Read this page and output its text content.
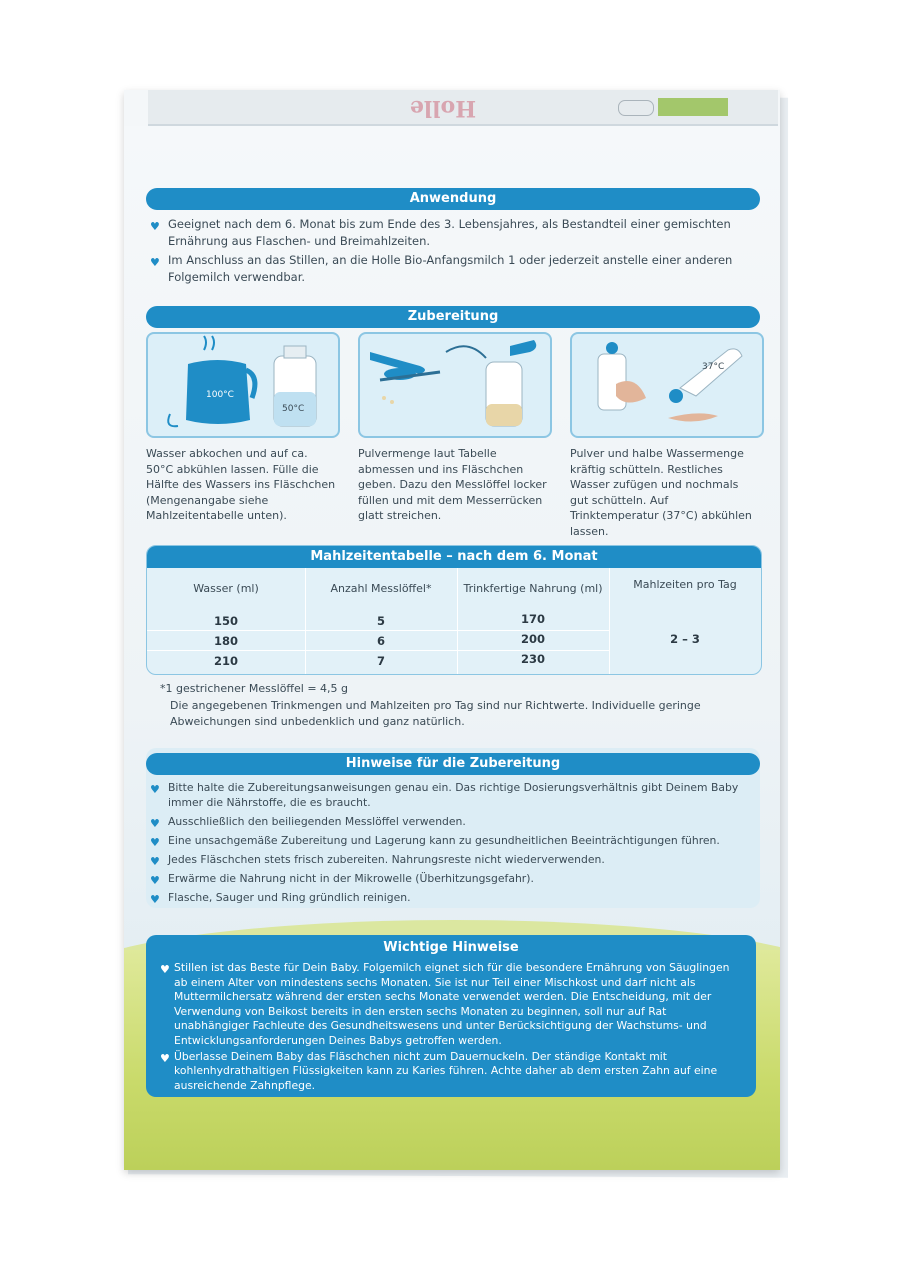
Holle
Anwendung
♥ Geeignet nach dem 6. Monat bis zum Ende des 3. Lebensjahres, als Bestandteil einer gemischten Ernährung aus Flaschen- und Breimahlzeiten.
♥ Im Anschluss an das Stillen, an die Holle Bio-Anfangsmilch 1 oder jederzeit anstelle einer anderen Folgemilch verwendbar.
Zubereitung
100°C
50°C
Wasser abkochen und auf ca. 50°C abkühlen lassen. Fülle die Hälfte des Wassers ins Fläschchen (Mengenangabe siehe Mahlzeitentabelle unten).
Pulvermenge laut Tabelle abmessen und ins Fläschchen geben. Dazu den Messlöffel locker füllen und mit dem Messerrücken glatt streichen.
37°C
Pulver und halbe Wassermenge kräftig schütteln. Restliches Wasser zufügen und nochmals gut schütteln. Auf Trinktemperatur (37°C) abkühlen lassen.
Mahlzeitentabelle – nach dem 6. Monat
Wasser (ml)	Anzahl Messlöffel*	Trinkfertige Nahrung (ml)	Mahlzeiten pro Tag
150	5	170
180	6	200
210	7	230
2 – 3
*1 gestrichener Messlöffel = 4,5 g
Die angegebenen Trinkmengen und Mahlzeiten pro Tag sind nur Richtwerte. Individuelle geringe Abweichungen sind unbedenklich und ganz natürlich.
Hinweise für die Zubereitung
♥ Bitte halte die Zubereitungsanweisungen genau ein. Das richtige Dosierungsverhältnis gibt Deinem Baby immer die Nährstoffe, die es braucht.
♥ Ausschließlich den beiliegenden Messlöffel verwenden.
♥ Eine unsachgemäße Zubereitung und Lagerung kann zu gesundheitlichen Beeinträchtigungen führen.
♥ Jedes Fläschchen stets frisch zubereiten. Nahrungsreste nicht wiederverwenden.
♥ Erwärme die Nahrung nicht in der Mikrowelle (Überhitzungsgefahr).
♥ Flasche, Sauger und Ring gründlich reinigen.
Wichtige Hinweise
♥ Stillen ist das Beste für Dein Baby. Folgemilch eignet sich für die besondere Ernährung von Säuglingen ab einem Alter von mindestens sechs Monaten. Sie ist nur Teil einer Mischkost und darf nicht als Muttermilchersatz während der ersten sechs Monate verwendet werden. Die Entscheidung, mit der Verwendung von Beikost bereits in den ersten sechs Monaten zu beginnen, soll nur auf Rat unabhängiger Fachleute des Gesundheitswesens und unter Berücksichtigung der Wachstums- und Entwicklungsanforderungen Deines Babys getroffen werden.
♥ Überlasse Deinem Baby das Fläschchen nicht zum Dauernuckeln. Der ständige Kontakt mit kohlenhydrathaltigen Flüssigkeiten kann zu Karies führen. Achte daher ab dem ersten Zahn auf eine ausreichende Zahnpflege.
